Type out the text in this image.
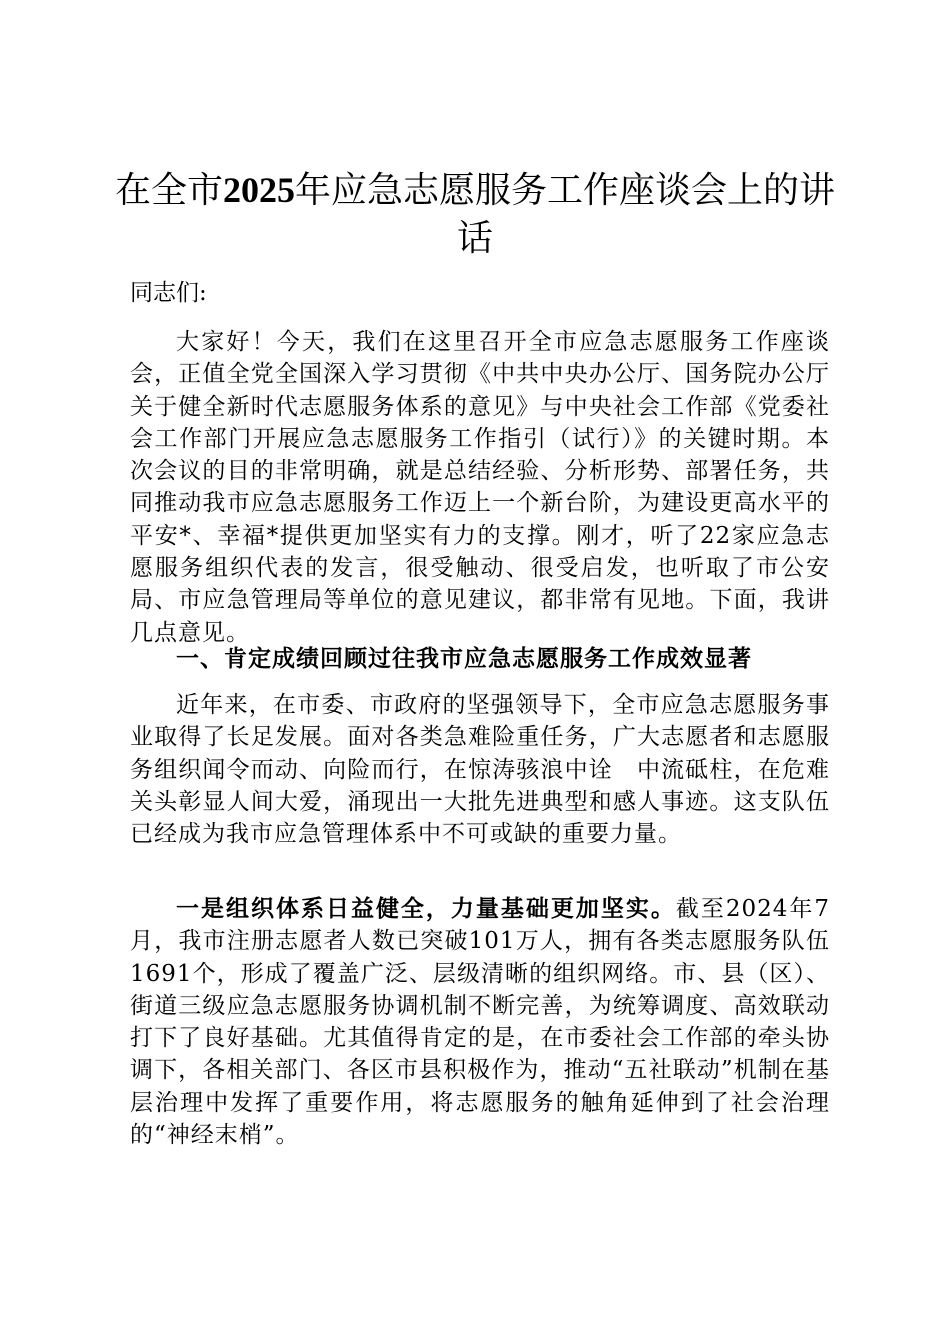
在全市2025年应急志愿服务工作座谈会上的讲话

同志们:

大家好！今天，我们在这里召开全市应急志愿服务工作座谈会，正值全党全国深入学习贯彻《中共中央办公厅、国务院办公厅关于健全新时代志愿服务体系的意见》与中央社会工作部《党委社会工作部门开展应急志愿服务工作指引（试行）》的关键时期。本次会议的目的非常明确，就是总结经验、分析形势、部署任务，共同推动我市应急志愿服务工作迈上一个新台阶，为建设更高水平的平安*、幸福*提供更加坚实有力的支撑。刚才，听了22家应急志愿服务组织代表的发言，很受触动、很受启发，也听取了市公安局、市应急管理局等单位的意见建议，都非常有见地。下面，我讲几点意见。

一、肯定成绩回顾过往我市应急志愿服务工作成效显著

近年来，在市委、市政府的坚强领导下，全市应急志愿服务事业取得了长足发展。面对各类急难险重任务，广大志愿者和志愿服务组织闻令而动、向险而行，在惊涛骇浪中诠　中流砥柱，在危难关头彰显人间大爱，涌现出一大批先进典型和感人事迹。这支队伍已经成为我市应急管理体系中不可或缺的重要力量。

一是组织体系日益健全，力量基础更加坚实。截至2024年7月，我市注册志愿者人数已突破101万人，拥有各类志愿服务队伍1691个，形成了覆盖广泛、层级清晰的组织网络。市、县（区）、街道三级应急志愿服务协调机制不断完善，为统筹调度、高效联动打下了良好基础。尤其值得肯定的是，在市委社会工作部的牵头协调下，各相关部门、各区市县积极作为，推动“五社联动”机制在基层治理中发挥了重要作用，将志愿服务的触角延伸到了社会治理的“神经末梢”。
